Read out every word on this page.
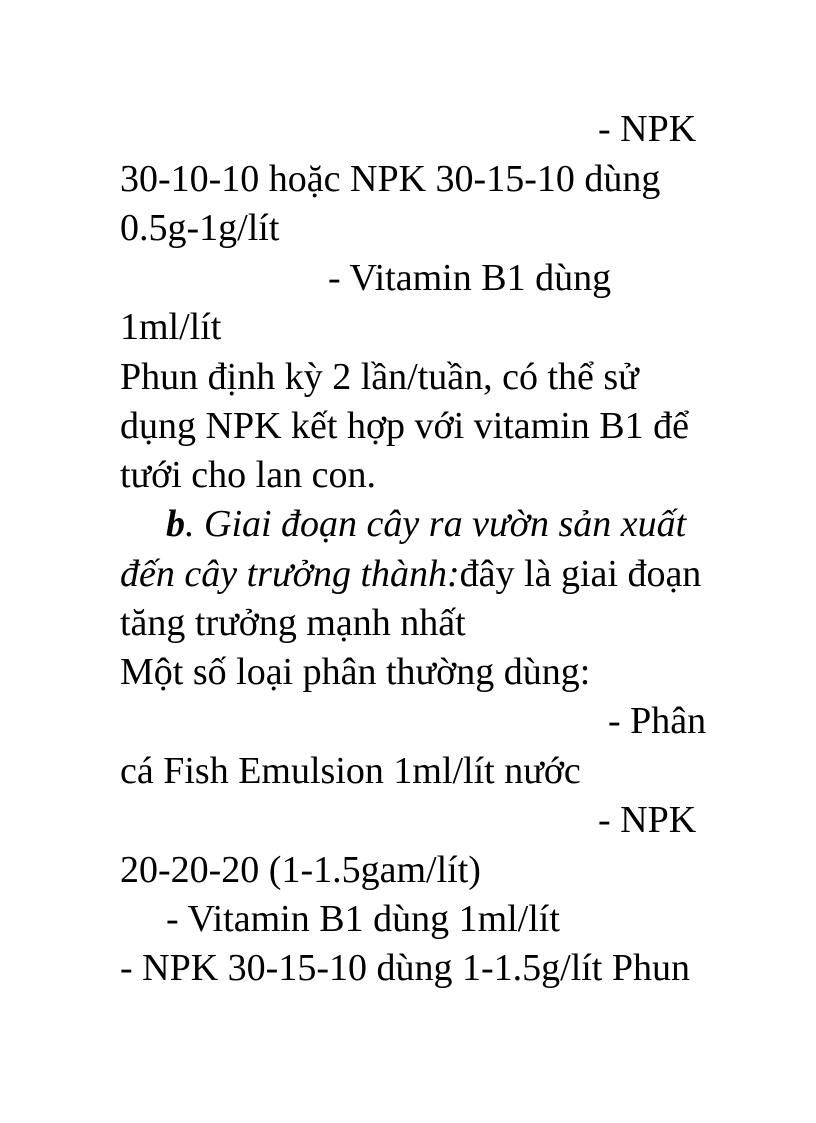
- NPK
30-10-10 hoặc NPK 30-15-10 dùng
0.5g-1g/lít
- Vitamin B1 dùng
1ml/lít
Phun định kỳ 2 lần/tuần, có thể sử
dụng NPK kết hợp với vitamin B1 để
tưới cho lan con.
b. Giai đoạn cây ra vườn sản xuất
đến cây trưởng thành:đây là giai đoạn
tăng trưởng mạnh nhất
Một số loại phân thường dùng:
- Phân
cá Fish Emulsion 1ml/lít nước
- NPK
20-20-20 (1-1.5gam/lít)
- Vitamin B1 dùng 1ml/lít
- NPK 30-15-10 dùng 1-1.5g/lít Phun
